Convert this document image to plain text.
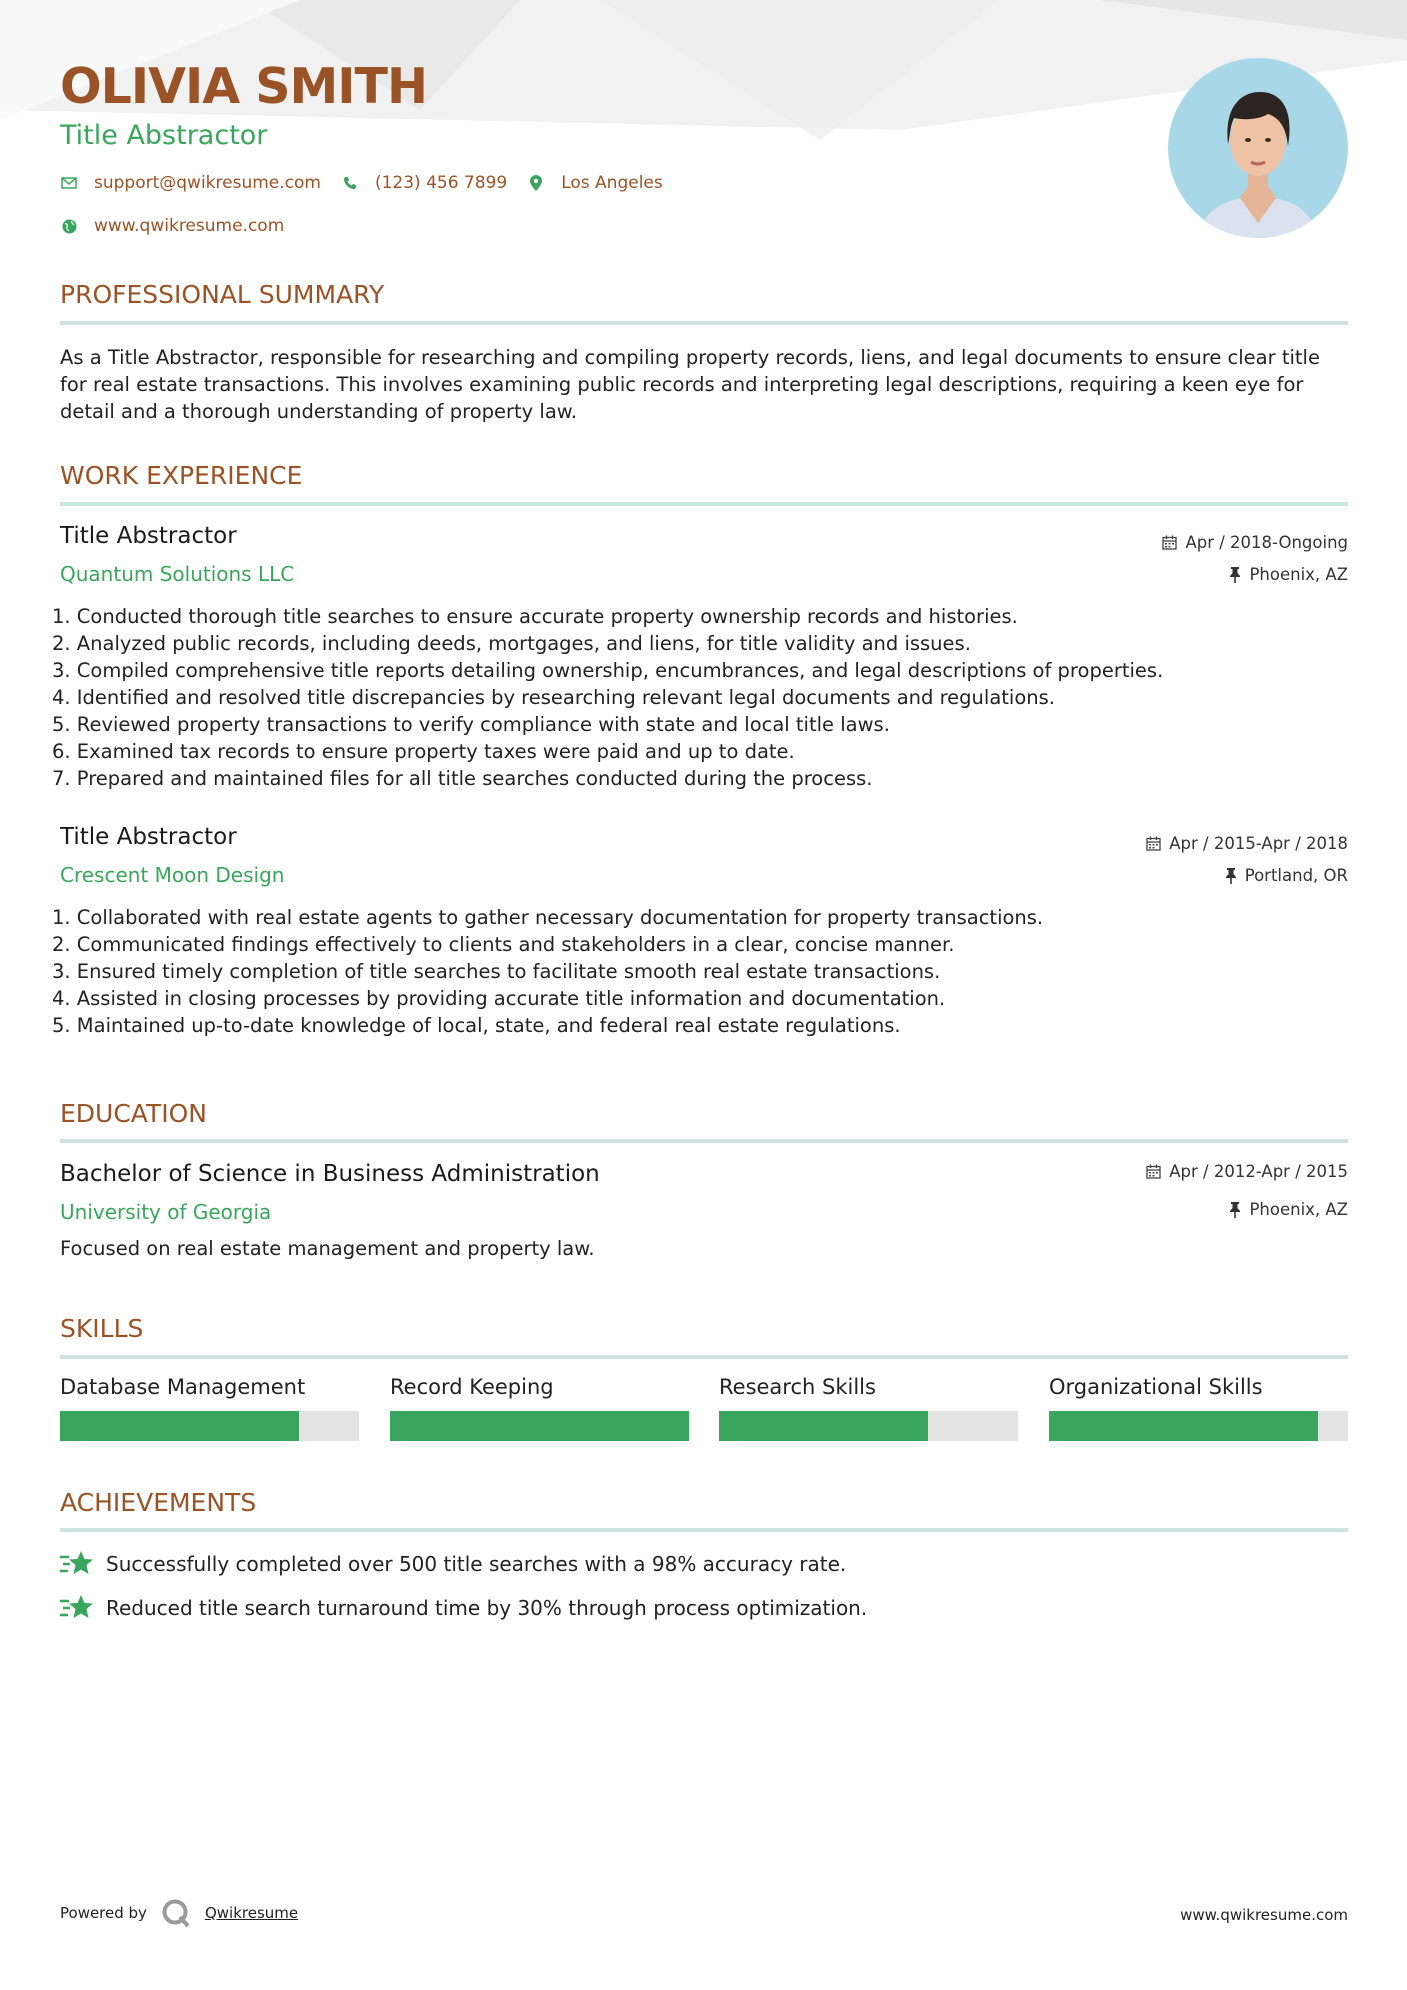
OLIVIA SMITH
Title Abstractor
support@qwikresume.com	(123) 456 7899	Los Angeles
www.qwikresume.com
PROFESSIONAL SUMMARY
As a Title Abstractor, responsible for researching and compiling property records, liens, and legal documents to ensure clear title for real estate transactions. This involves examining public records and interpreting legal descriptions, requiring a keen eye for detail and a thorough understanding of property law.
WORK EXPERIENCE
Title Abstractor
Quantum Solutions LLC
Apr / 2018-Ongoing
Phoenix, AZ
1. Conducted thorough title searches to ensure accurate property ownership records and histories.
2. Analyzed public records, including deeds, mortgages, and liens, for title validity and issues.
3. Compiled comprehensive title reports detailing ownership, encumbrances, and legal descriptions of properties.
4. Identified and resolved title discrepancies by researching relevant legal documents and regulations.
5. Reviewed property transactions to verify compliance with state and local title laws.
6. Examined tax records to ensure property taxes were paid and up to date.
7. Prepared and maintained files for all title searches conducted during the process.
Title Abstractor
Crescent Moon Design
Apr / 2015-Apr / 2018
Portland, OR
1. Collaborated with real estate agents to gather necessary documentation for property transactions.
2. Communicated findings effectively to clients and stakeholders in a clear, concise manner.
3. Ensured timely completion of title searches to facilitate smooth real estate transactions.
4. Assisted in closing processes by providing accurate title information and documentation.
5. Maintained up-to-date knowledge of local, state, and federal real estate regulations.
EDUCATION
Bachelor of Science in Business Administration
University of Georgia
Apr / 2012-Apr / 2015
Phoenix, AZ
Focused on real estate management and property law.
SKILLS
Database Management	Record Keeping	Research Skills	Organizational Skills
ACHIEVEMENTS
Successfully completed over 500 title searches with a 98% accuracy rate.
Reduced title search turnaround time by 30% through process optimization.
Powered by	Qwikresume	www.qwikresume.com
